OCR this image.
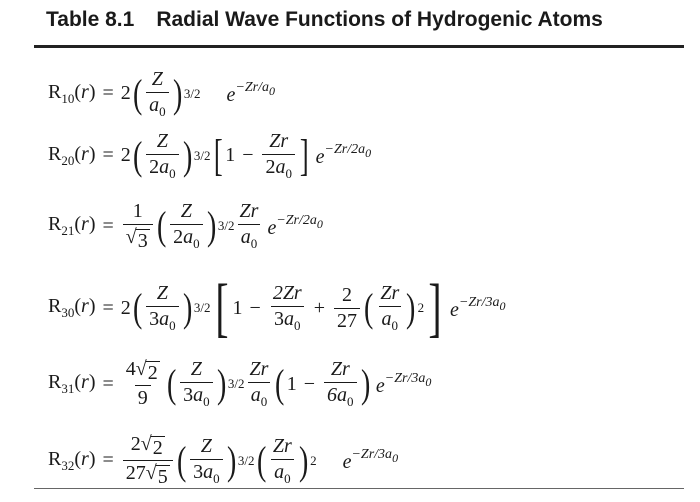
Table 8.1 Radial Wave Functions of Hydrogenic Atoms
$R_{10}(r) = 2$ ( $\frac{Z}{a_0}$ ) 3/2 $e^{-Zr/a0}$
$R_{20}(r) = 2$ ( $\frac{Z}{2a_0}$ ) 3/2 [ $1 - \frac{Zr}{2a_0}$ ] $e^{-Zr/2a0}$
$R_{21}(r) = \frac{1}{√ 3}$ ( $\frac{Z}{2a_0}$ ) $3/2 \frac{Zr}{a_0} e^{-Zr/2a0}$
$R_{30}(r) = 2$ ( $\frac{Z}{3a_0}$ ) 3/2 [ $1 - \frac{2Zr}{3a_0} + \frac{2}{27}$ ( $\frac{Zr}{a_0}$ ) 2 ] $e^{-Zr/3a0}$
$R_{31}(r) = \frac{4 √ 2}{9}$ ( $\frac{Z}{3a_0}$ ) $3/2 \frac{Zr}{a_0}$ ( $1 - \frac{Zr}{6a_0}$ ) $e^{-Zr/3a0}$
$R_{32}(r) = \frac{2 √ 2}{27 √ 5}$ ( $\frac{Z}{3a_0}$ ) 3/2 ( $\frac{Zr}{a_0}$ ) 2 $e^{-Zr/3a0}$
